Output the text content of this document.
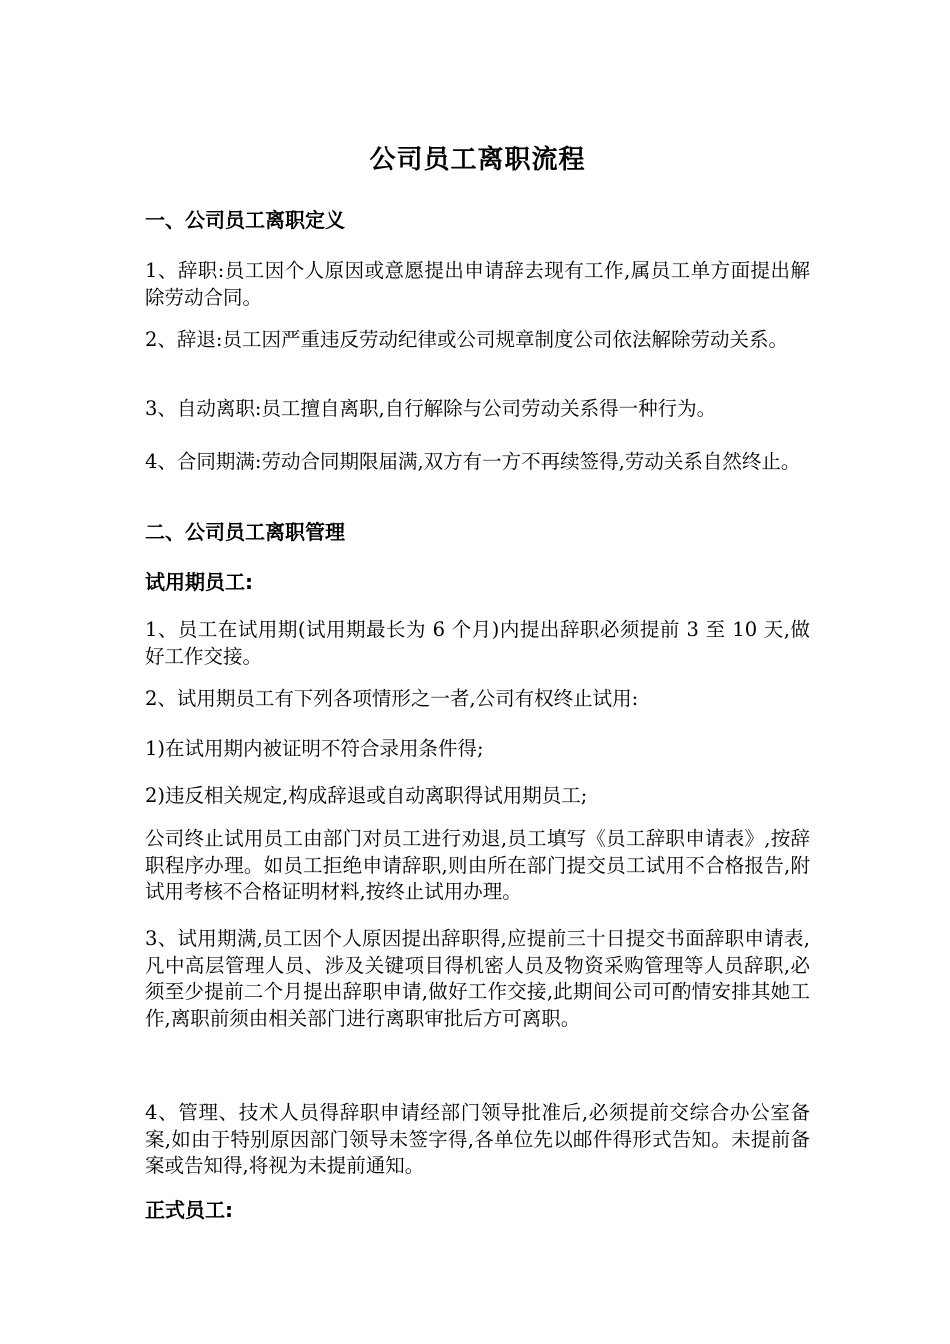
公司员工离职流程
一、公司员工离职定义

1、辞职:员工因个人原因或意愿提出申请辞去现有工作,属员工单方面提出解除劳动合同。

2、辞退:员工因严重违反劳动纪律或公司规章制度公司依法解除劳动关系。

3、自动离职:员工擅自离职,自行解除与公司劳动关系得一种行为。

4、合同期满:劳动合同期限届满,双方有一方不再续签得,劳动关系自然终止。

二、公司员工离职管理
试用期员工:

1、员工在试用期(试用期最长为 6 个月)内提出辞职必须提前 3 至 10 天,做好工作交接。

2、试用期员工有下列各项情形之一者,公司有权终止试用:

1)在试用期内被证明不符合录用条件得;

2)违反相关规定,构成辞退或自动离职得试用期员工;

公司终止试用员工由部门对员工进行劝退,员工填写《员工辞职申请表》,按辞职程序办理。如员工拒绝申请辞职,则由所在部门提交员工试用不合格报告,附试用考核不合格证明材料,按终止试用办理。

3、试用期满,员工因个人原因提出辞职得,应提前三十日提交书面辞职申请表,凡中高层管理人员、涉及关键项目得机密人员及物资采购管理等人员辞职,必须至少提前二个月提出辞职申请,做好工作交接,此期间公司可酌情安排其她工作,离职前须由相关部门进行离职审批后方可离职。

4、管理、技术人员得辞职申请经部门领导批准后,必须提前交综合办公室备案,如由于特别原因部门领导未签字得,各单位先以邮件得形式告知。未提前备案或告知得,将视为未提前通知。

正式员工:
